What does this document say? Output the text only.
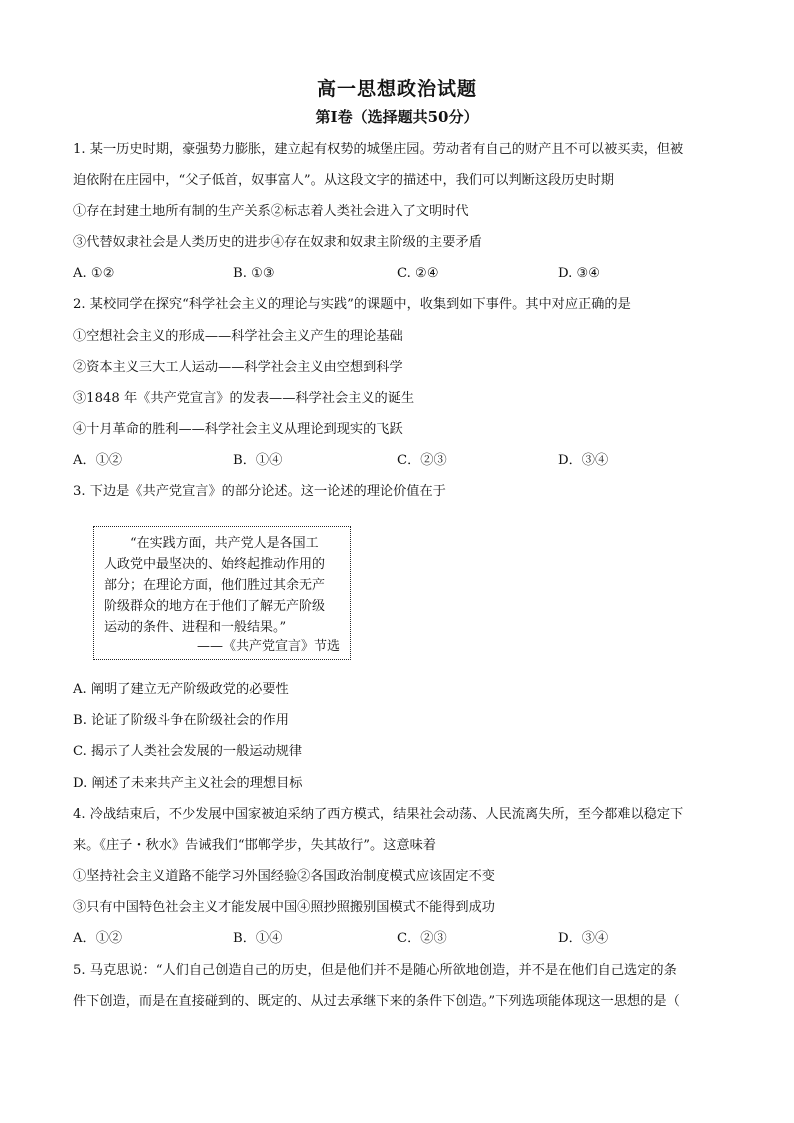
高一思想政治试题
第Ⅰ卷（选择题共50分）
1. 某一历史时期，豪强势力膨胀，建立起有权势的城堡庄园。劳动者有自己的财产且不可以被买卖，但被
迫依附在庄园中，“父子低首，奴事富人”。从这段文字的描述中，我们可以判断这段历史时期
①存在封建土地所有制的生产关系②标志着人类社会进入了文明时代
③代替奴隶社会是人类历史的进步④存在奴隶和奴隶主阶级的主要矛盾
A. ①②	B. ①③	C. ②④	D. ③④
2. 某校同学在探究“科学社会主义的理论与实践”的课题中，收集到如下事件。其中对应正确的是
①空想社会主义的形成——科学社会主义产生的理论基础
②资本主义三大工人运动——科学社会主义由空想到科学
③1848 年《共产党宣言》的发表——科学社会主义的诞生
④十月革命的胜利——科学社会主义从理论到现实的飞跃
A．①②	B．①④	C．②③	D．③④
3. 下边是《共产党宣言》的部分论述。这一论述的理论价值在于
“在实践方面，共产党人是各国工
人政党中最坚决的、始终起推动作用的
部分；在理论方面，他们胜过其余无产
阶级群众的地方在于他们了解无产阶级
运动的条件、进程和一般结果。”
——《共产党宣言》节选
A. 阐明了建立无产阶级政党的必要性
B. 论证了阶级斗争在阶级社会的作用
C. 揭示了人类社会发展的一般运动规律
D. 阐述了未来共产主义社会的理想目标
4. 冷战结束后，不少发展中国家被迫采纳了西方模式，结果社会动荡、人民流离失所，至今都难以稳定下
来。《庄子・秋水》告诫我们“邯郸学步，失其故行”。这意味着
①坚持社会主义道路不能学习外国经验②各国政治制度模式应该固定不变
③只有中国特色社会主义才能发展中国④照抄照搬别国模式不能得到成功
A．①②	B．①④	C．②③	D．③④
5. 马克思说：“人们自己创造自己的历史，但是他们并不是随心所欲地创造，并不是在他们自己选定的条
件下创造，而是在直接碰到的、既定的、从过去承继下来的条件下创造。”下列选项能体现这一思想的是（
